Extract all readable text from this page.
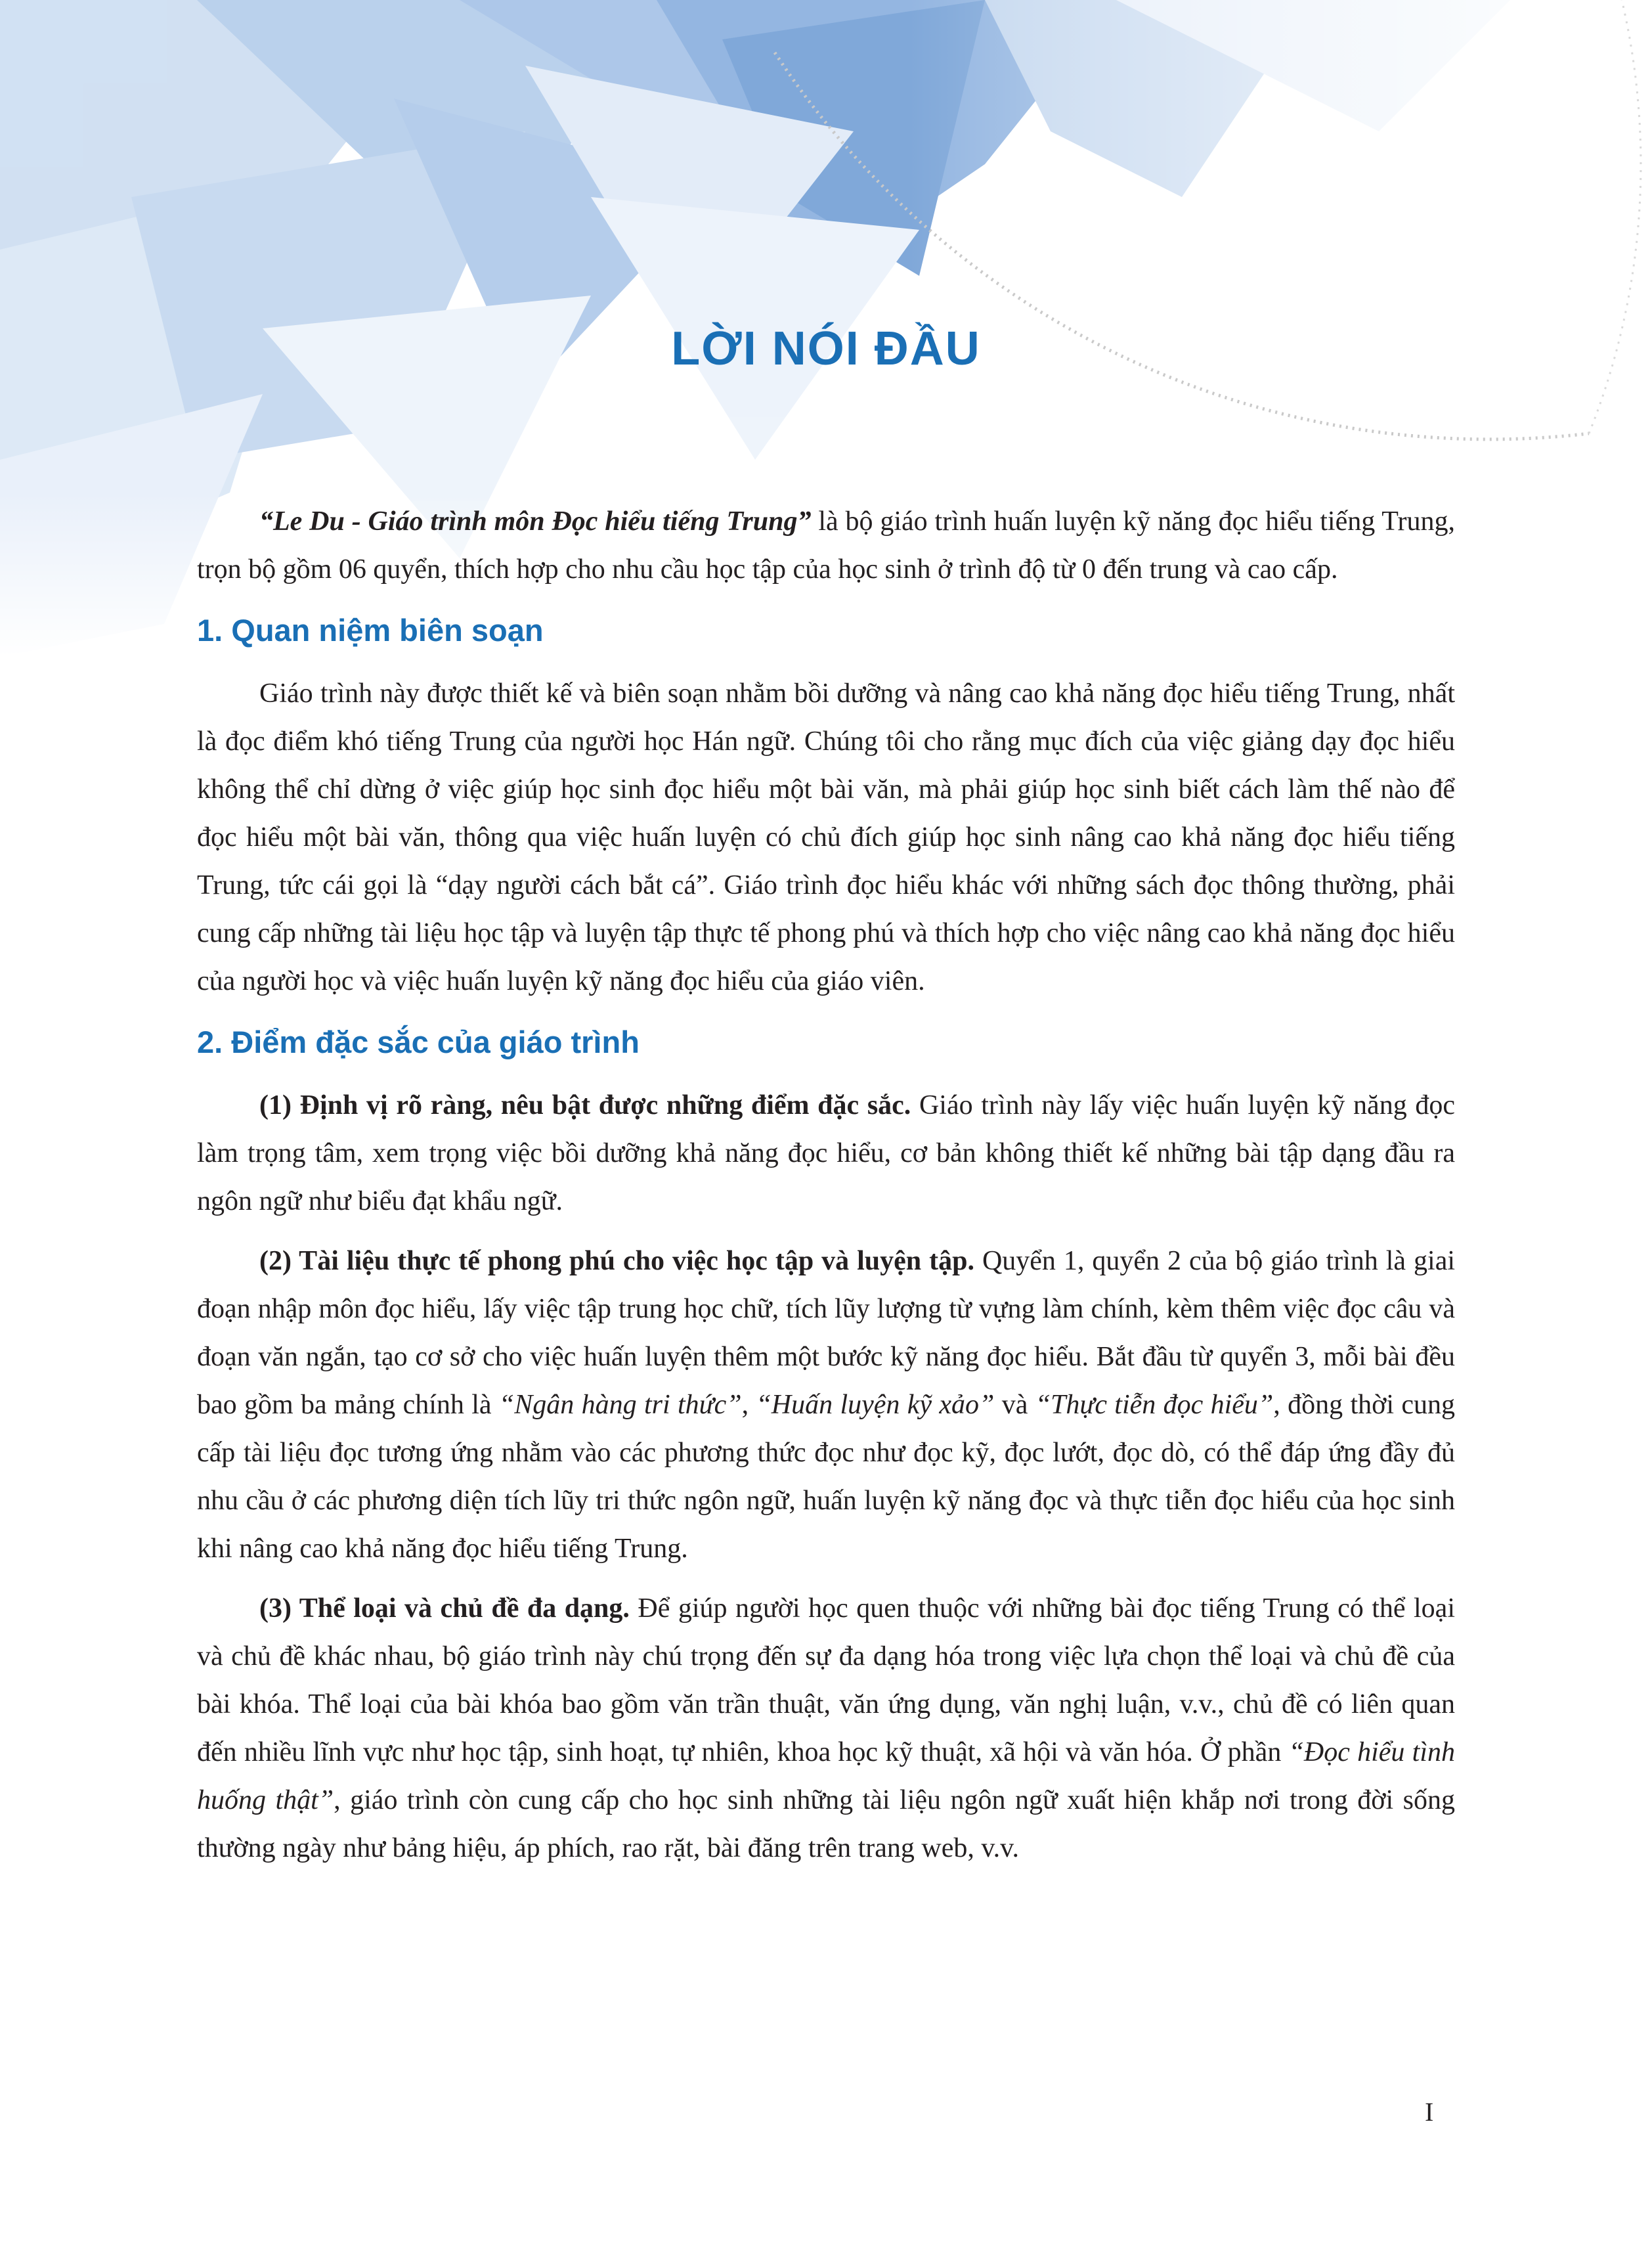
LỜI NÓI ĐẦU

“Le Du - Giáo trình môn Đọc hiểu tiếng Trung” là bộ giáo trình huấn luyện kỹ năng đọc hiểu tiếng Trung, trọn bộ gồm 06 quyển, thích hợp cho nhu cầu học tập của học sinh ở trình độ từ 0 đến trung và cao cấp.

1. Quan niệm biên soạn

Giáo trình này được thiết kế và biên soạn nhằm bồi dưỡng và nâng cao khả năng đọc hiểu tiếng Trung, nhất là đọc điểm khó tiếng Trung của người học Hán ngữ. Chúng tôi cho rằng mục đích của việc giảng dạy đọc hiểu không thể chỉ dừng ở việc giúp học sinh đọc hiểu một bài văn, mà phải giúp học sinh biết cách làm thế nào để đọc hiểu một bài văn, thông qua việc huấn luyện có chủ đích giúp học sinh nâng cao khả năng đọc hiểu tiếng Trung, tức cái gọi là “dạy người cách bắt cá”. Giáo trình đọc hiểu khác với những sách đọc thông thường, phải cung cấp những tài liệu học tập và luyện tập thực tế phong phú và thích hợp cho việc nâng cao khả năng đọc hiểu của người học và việc huấn luyện kỹ năng đọc hiểu của giáo viên.

2. Điểm đặc sắc của giáo trình

(1) Định vị rõ ràng, nêu bật được những điểm đặc sắc. Giáo trình này lấy việc huấn luyện kỹ năng đọc làm trọng tâm, xem trọng việc bồi dưỡng khả năng đọc hiểu, cơ bản không thiết kế những bài tập dạng đầu ra ngôn ngữ như biểu đạt khẩu ngữ.

(2) Tài liệu thực tế phong phú cho việc học tập và luyện tập. Quyển 1, quyển 2 của bộ giáo trình là giai đoạn nhập môn đọc hiểu, lấy việc tập trung học chữ, tích lũy lượng từ vựng làm chính, kèm thêm việc đọc câu và đoạn văn ngắn, tạo cơ sở cho việc huấn luyện thêm một bước kỹ năng đọc hiểu. Bắt đầu từ quyển 3, mỗi bài đều bao gồm ba mảng chính là “Ngân hàng tri thức”, “Huấn luyện kỹ xảo” và “Thực tiễn đọc hiểu”, đồng thời cung cấp tài liệu đọc tương ứng nhằm vào các phương thức đọc như đọc kỹ, đọc lướt, đọc dò, có thể đáp ứng đầy đủ nhu cầu ở các phương diện tích lũy tri thức ngôn ngữ, huấn luyện kỹ năng đọc và thực tiễn đọc hiểu của học sinh khi nâng cao khả năng đọc hiểu tiếng Trung.

(3) Thể loại và chủ đề đa dạng. Để giúp người học quen thuộc với những bài đọc tiếng Trung có thể loại và chủ đề khác nhau, bộ giáo trình này chú trọng đến sự đa dạng hóa trong việc lựa chọn thể loại và chủ đề của bài khóa. Thể loại của bài khóa bao gồm văn trần thuật, văn ứng dụng, văn nghị luận, v.v., chủ đề có liên quan đến nhiều lĩnh vực như học tập, sinh hoạt, tự nhiên, khoa học kỹ thuật, xã hội và văn hóa. Ở phần “Đọc hiểu tình huống thật”, giáo trình còn cung cấp cho học sinh những tài liệu ngôn ngữ xuất hiện khắp nơi trong đời sống thường ngày như bảng hiệu, áp phích, rao rặt, bài đăng trên trang web, v.v.

I
